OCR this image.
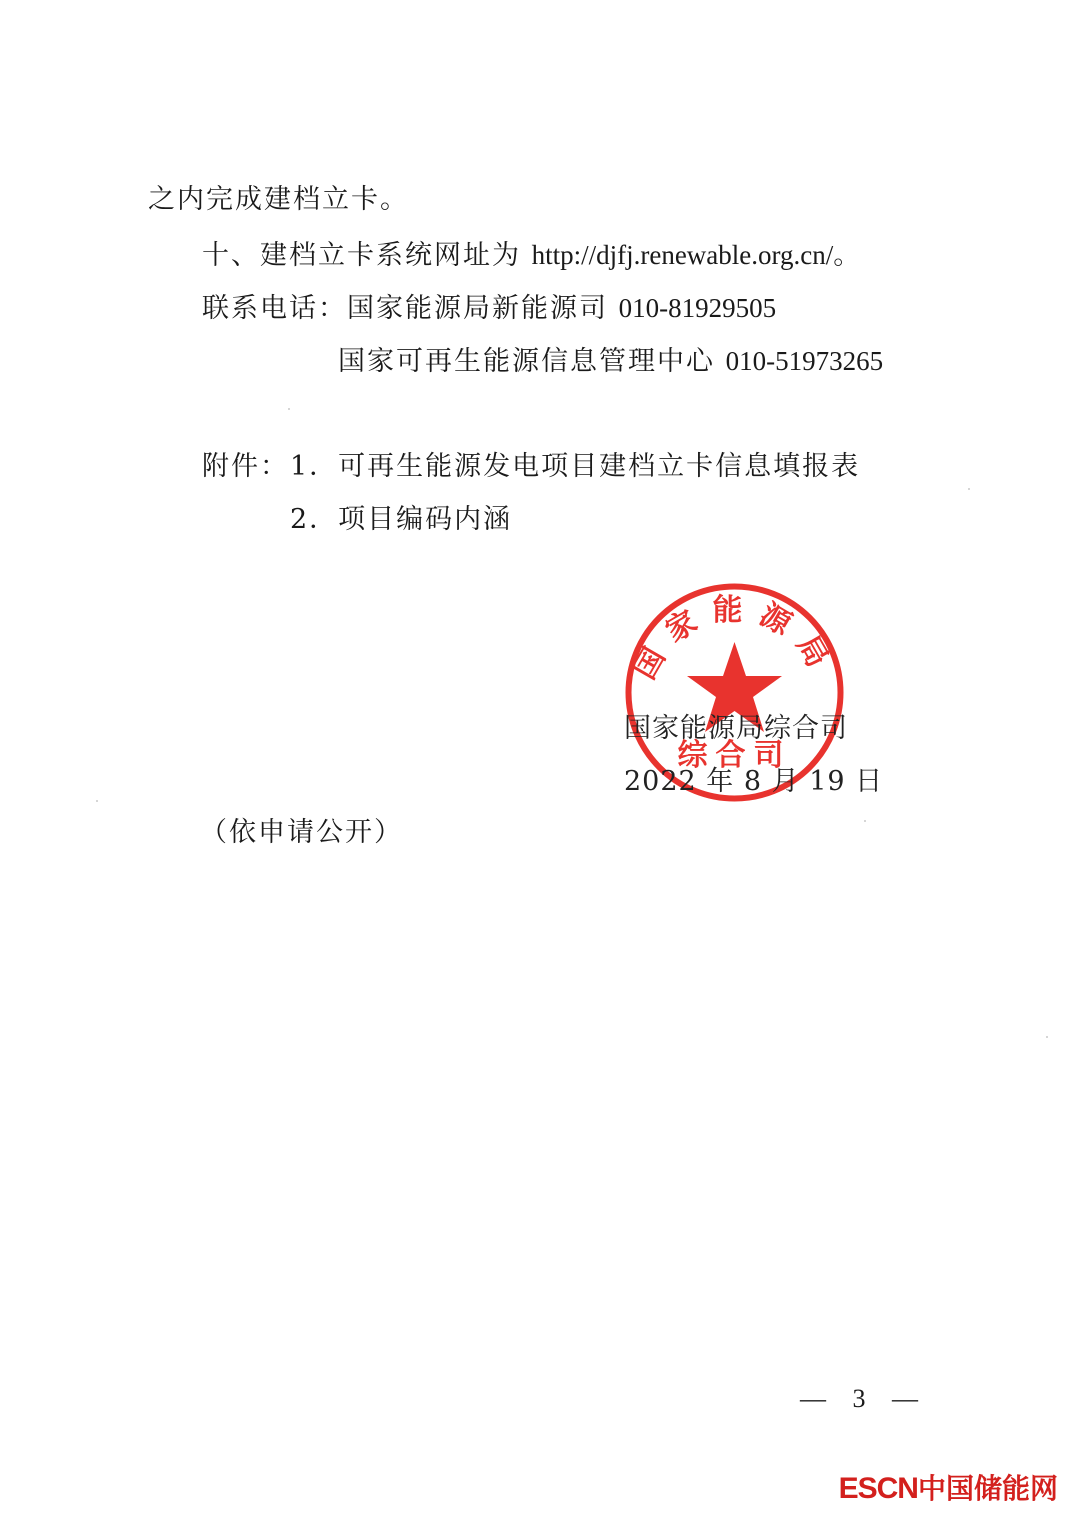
之内完成建档立卡。
十、建档立卡系统网址为 http://djfj.renewable.org.cn/。
联系电话：国家能源局新能源司 010-81929505
国家可再生能源信息管理中心 010-51973265
附件： 1．可再生能源发电项目建档立卡信息填报表
2．项目编码内涵
国家能源局
综合司
国家能源局综合司
2022 年 8 月 19 日
（依申请公开）
— 3 —
ESCN中国储能网
